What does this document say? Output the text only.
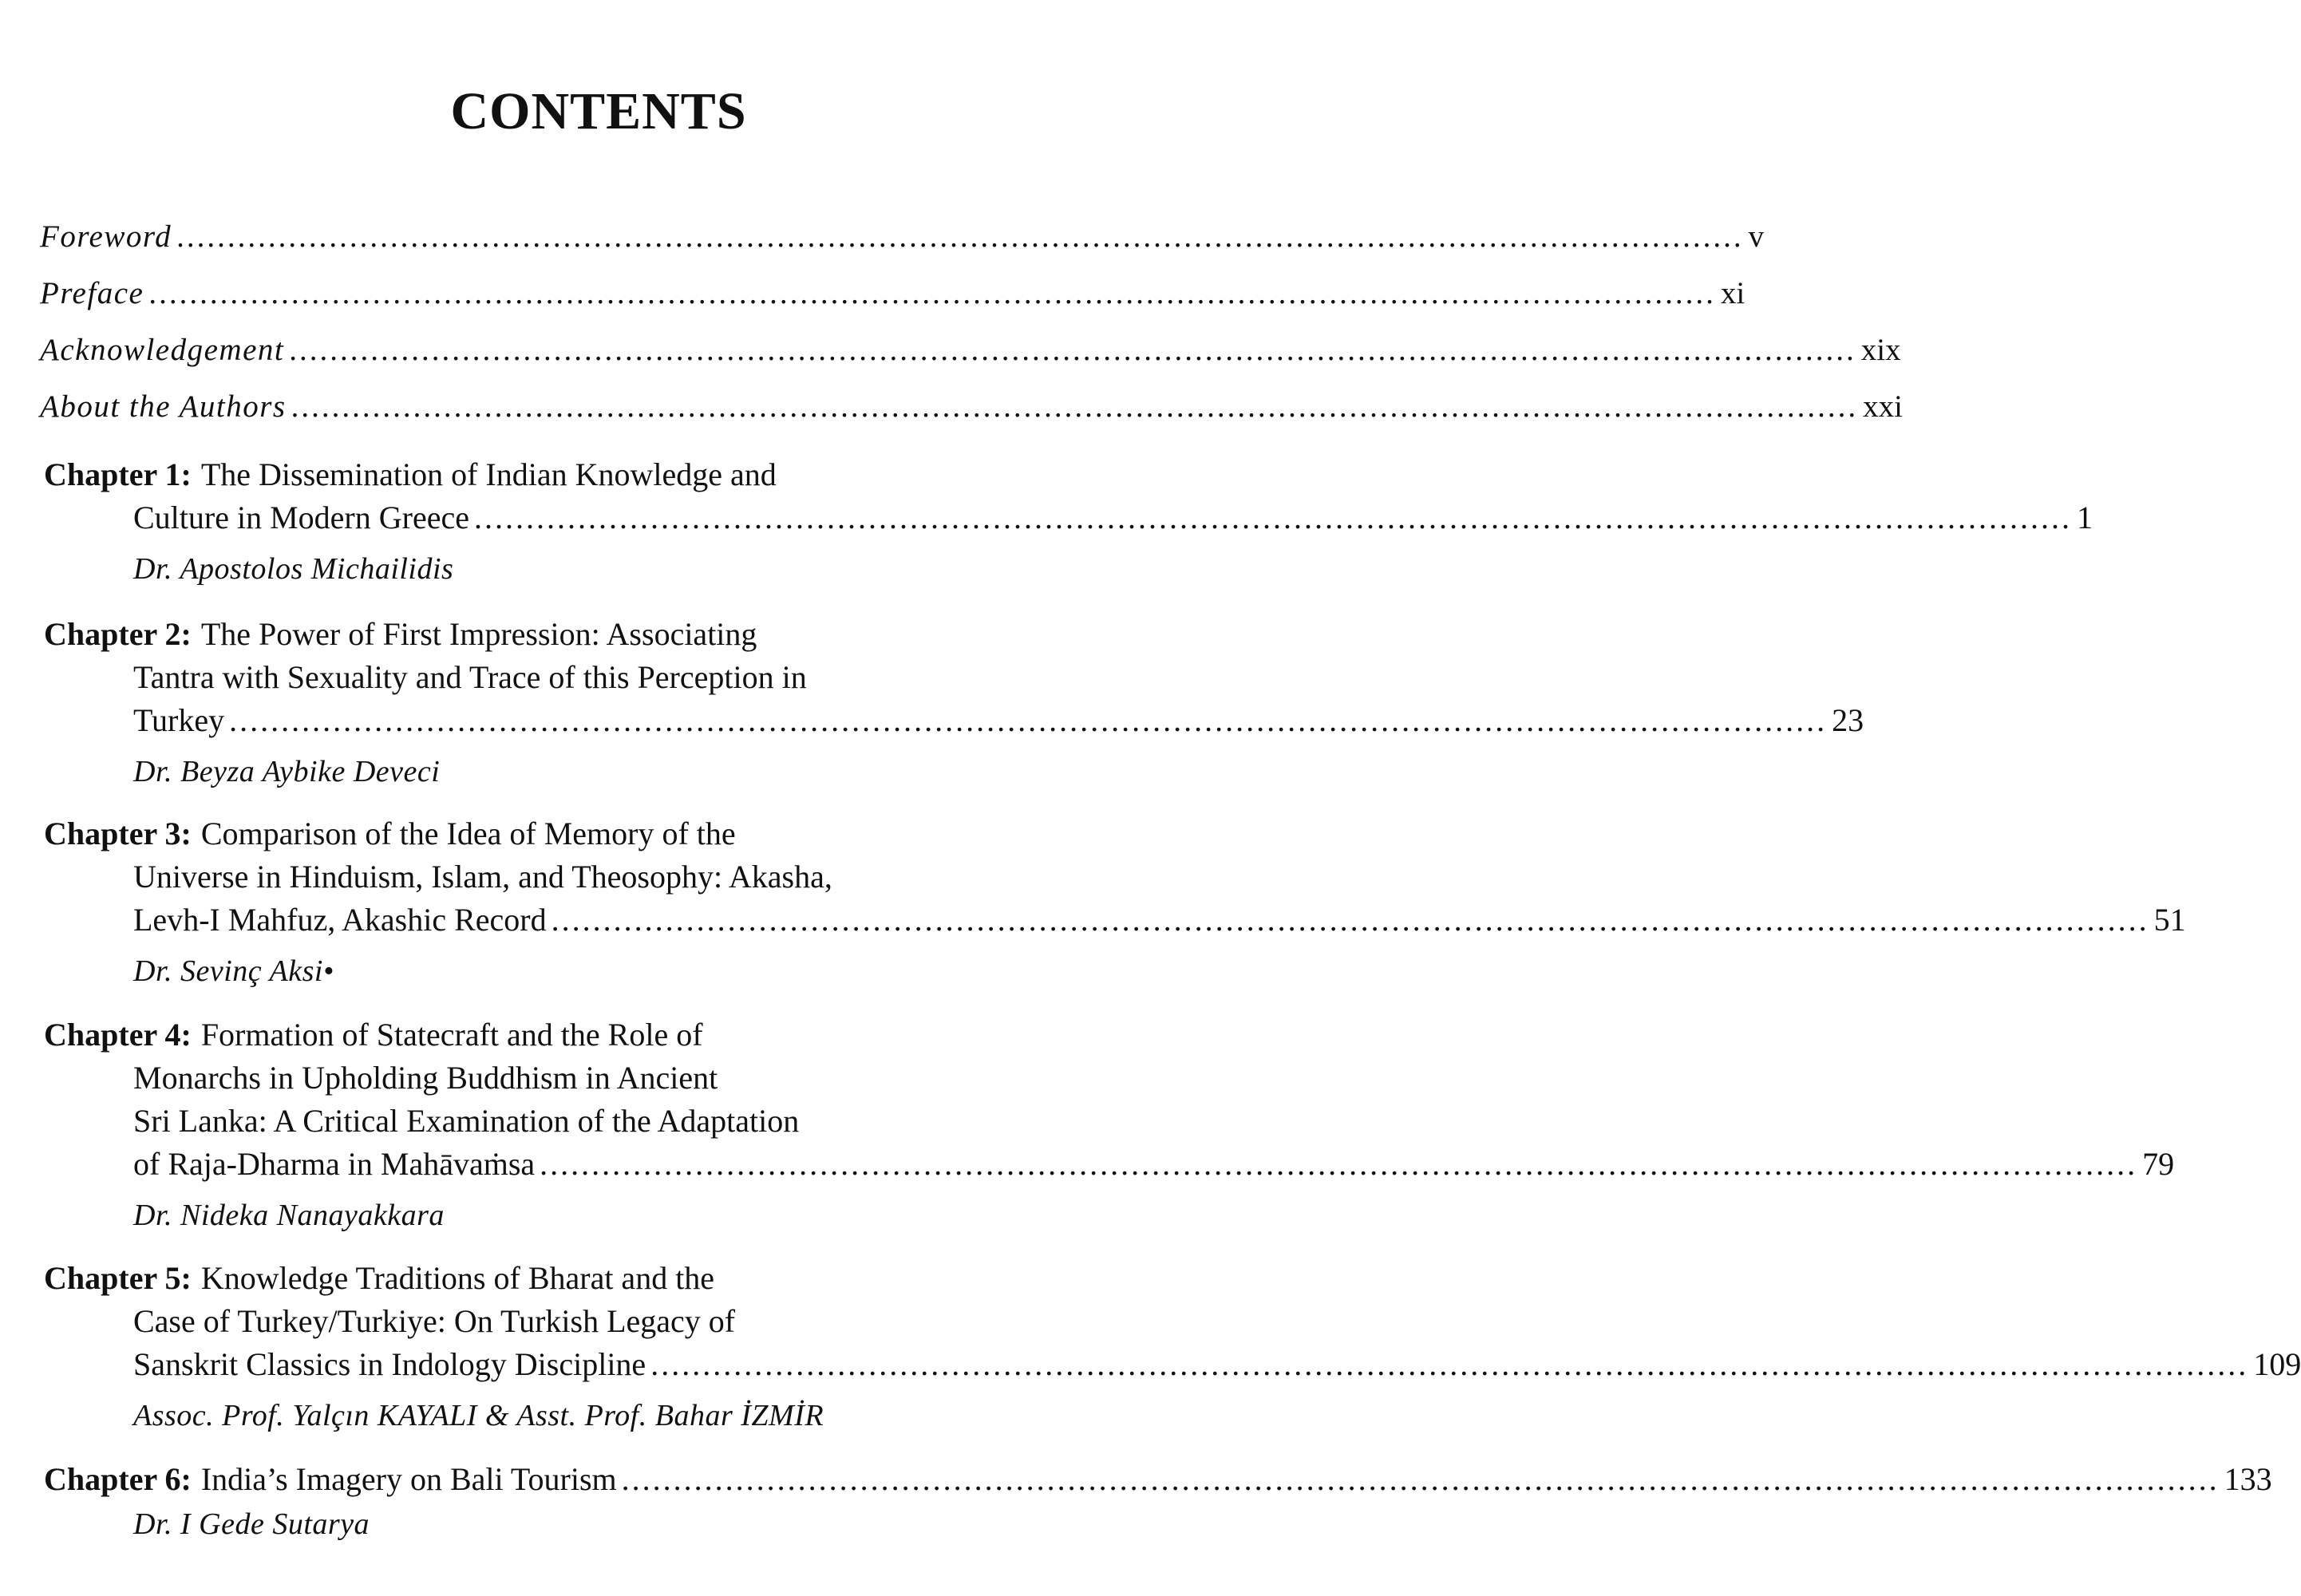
CONTENTS
Foreword .......................................................................................................................................................... v
Preface .......................................................................................................................................................... xi
Acknowledgement .......................................................................................................................................................... xix
About the Authors .......................................................................................................................................................... xxi
Chapter 1: The Dissemination of Indian Knowledge and
Culture in Modern Greece .......................................................................................................................................................... 1
Dr. Apostolos Michailidis
Chapter 2: The Power of First Impression: Associating
Tantra with Sexuality and Trace of this Perception in
Turkey .......................................................................................................................................................... 23
Dr. Beyza Aybike Deveci
Chapter 3: Comparison of the Idea of Memory of the
Universe in Hinduism, Islam, and Theosophy: Akasha,
Levh-I Mahfuz, Akashic Record .......................................................................................................................................................... 51
Dr. Sevinç Aksi•
Chapter 4: Formation of Statecraft and the Role of
Monarchs in Upholding Buddhism in Ancient
Sri Lanka: A Critical Examination of the Adaptation
of Raja-Dharma in Mahāvaṁsa .......................................................................................................................................................... 79
Dr. Nideka Nanayakkara
Chapter 5: Knowledge Traditions of Bharat and the
Case of Turkey/Turkiye: On Turkish Legacy of
Sanskrit Classics in Indology Discipline .......................................................................................................................................................... 109
Assoc. Prof. Yalçın KAYALI & Asst. Prof. Bahar İZMİR
Chapter 6: India’s Imagery on Bali Tourism .......................................................................................................................................................... 133
Dr. I Gede Sutarya
